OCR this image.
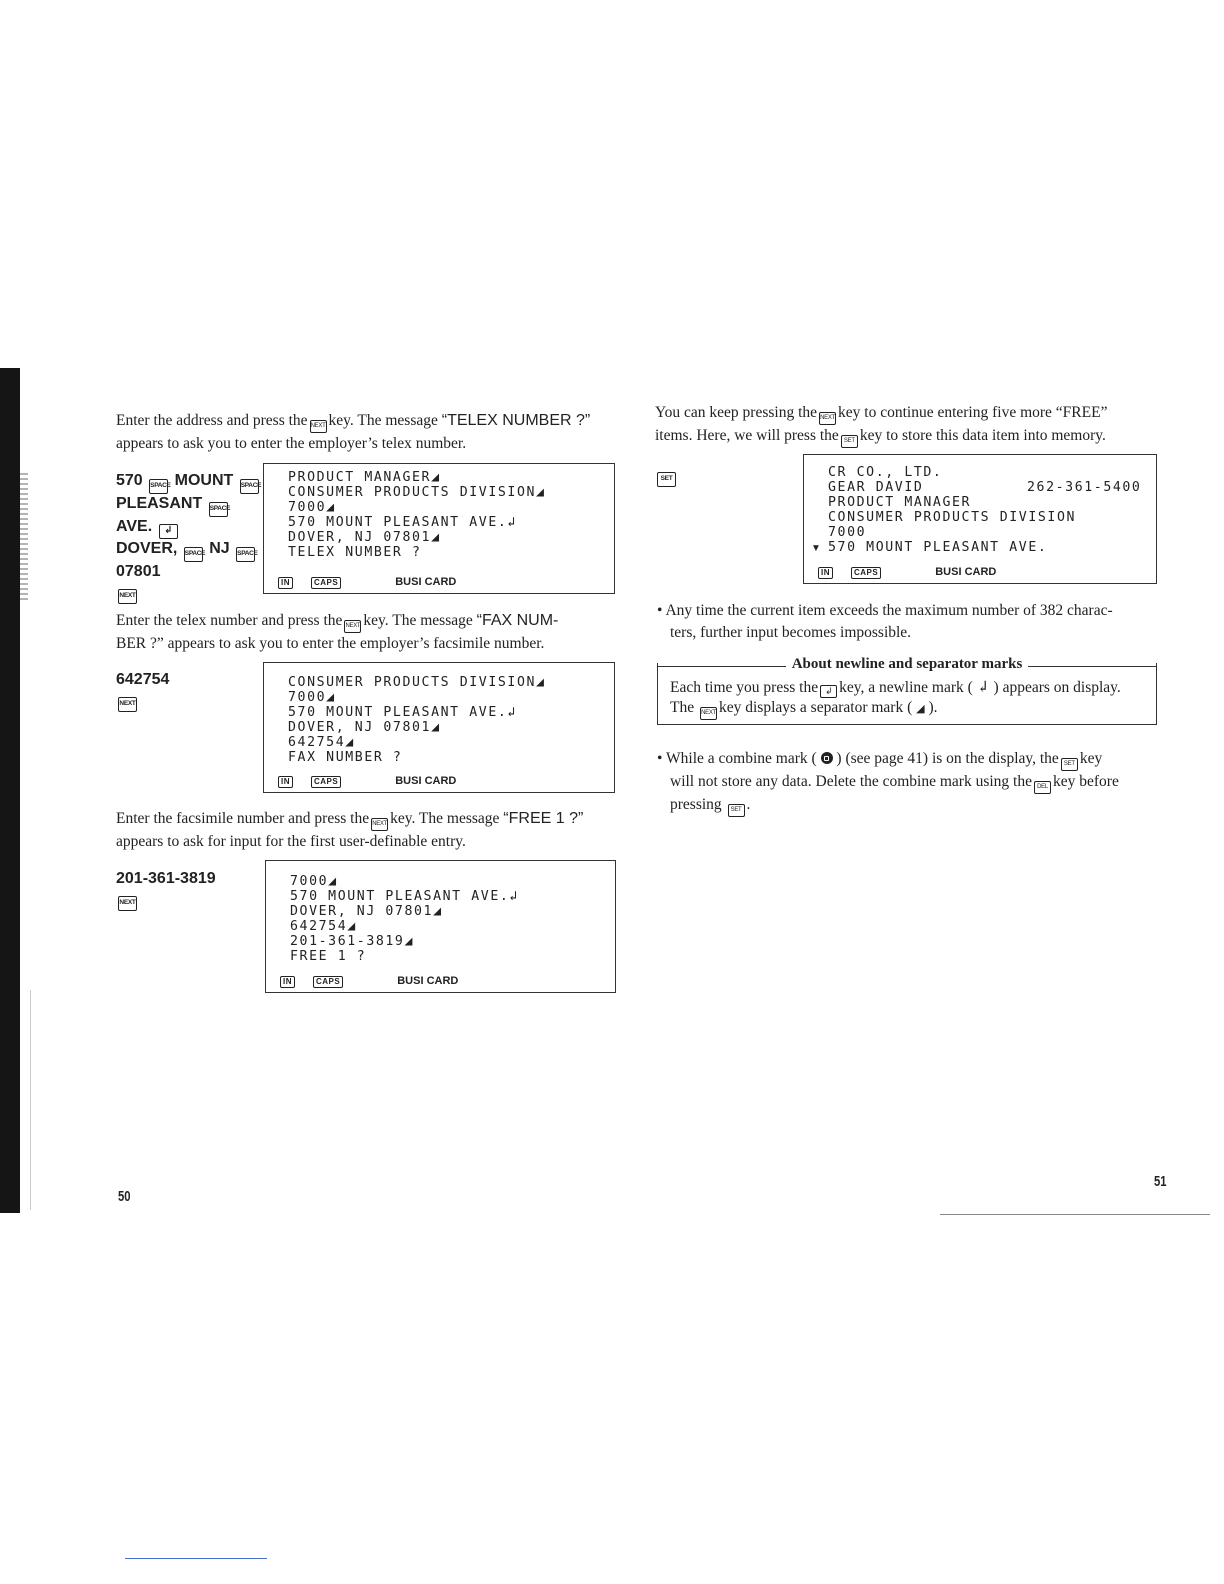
Enter the address and press the NEXT key. The message “TELEX NUMBER ?”
appears to ask you to enter the employer’s telex number.
570 SPACE MOUNT SPACE
PLEASANT SPACE
AVE. ↲
DOVER, SPACE NJ SPACE
07801
NEXT
PRODUCT MANAGER◢
CONSUMER PRODUCTS DIVISION◢
7000◢
570 MOUNT PLEASANT AVE.↲
DOVER, NJ 07801◢
TELEX NUMBER ?
IN	CAPS	BUSI CARD
Enter the telex number and press the NEXT key. The message “FAX NUM-
BER ?” appears to ask you to enter the employer’s facsimile number.
642754
NEXT
CONSUMER PRODUCTS DIVISION◢
7000◢
570 MOUNT PLEASANT AVE.↲
DOVER, NJ 07801◢
642754◢
FAX NUMBER ?
IN	CAPS	BUSI CARD
Enter the facsimile number and press the NEXT key. The message “FREE 1 ?”
appears to ask for input for the first user-definable entry.
201-361-3819
NEXT
7000◢
570 MOUNT PLEASANT AVE.↲
DOVER, NJ 07801◢
642754◢
201-361-3819◢
FREE 1 ?
IN	CAPS	BUSI CARD
50
You can keep pressing the NEXT key to continue entering five more “FREE”
items. Here, we will press the SET key to store this data item into memory.
SET	CR CO., LTD.
GEAR DAVID
PRODUCT MANAGER
CONSUMER PRODUCTS DIVISION
7000
570 MOUNT PLEASANT AVE.
262-361-5400
▼
IN	CAPS	BUSI CARD
• Any time the current item exceeds the maximum number of 382 charac-
ters, further input becomes impossible.
About newline and separator marks
Each time you press the ↲ key, a newline mark ( ↲ ) appears on display.
The NEXT key displays a separator mark ( ◢ ).
• While a combine mark ( ) (see page 41) is on the display, the SET key
will not store any data. Delete the combine mark using the DEL key before
pressing SET .
51
